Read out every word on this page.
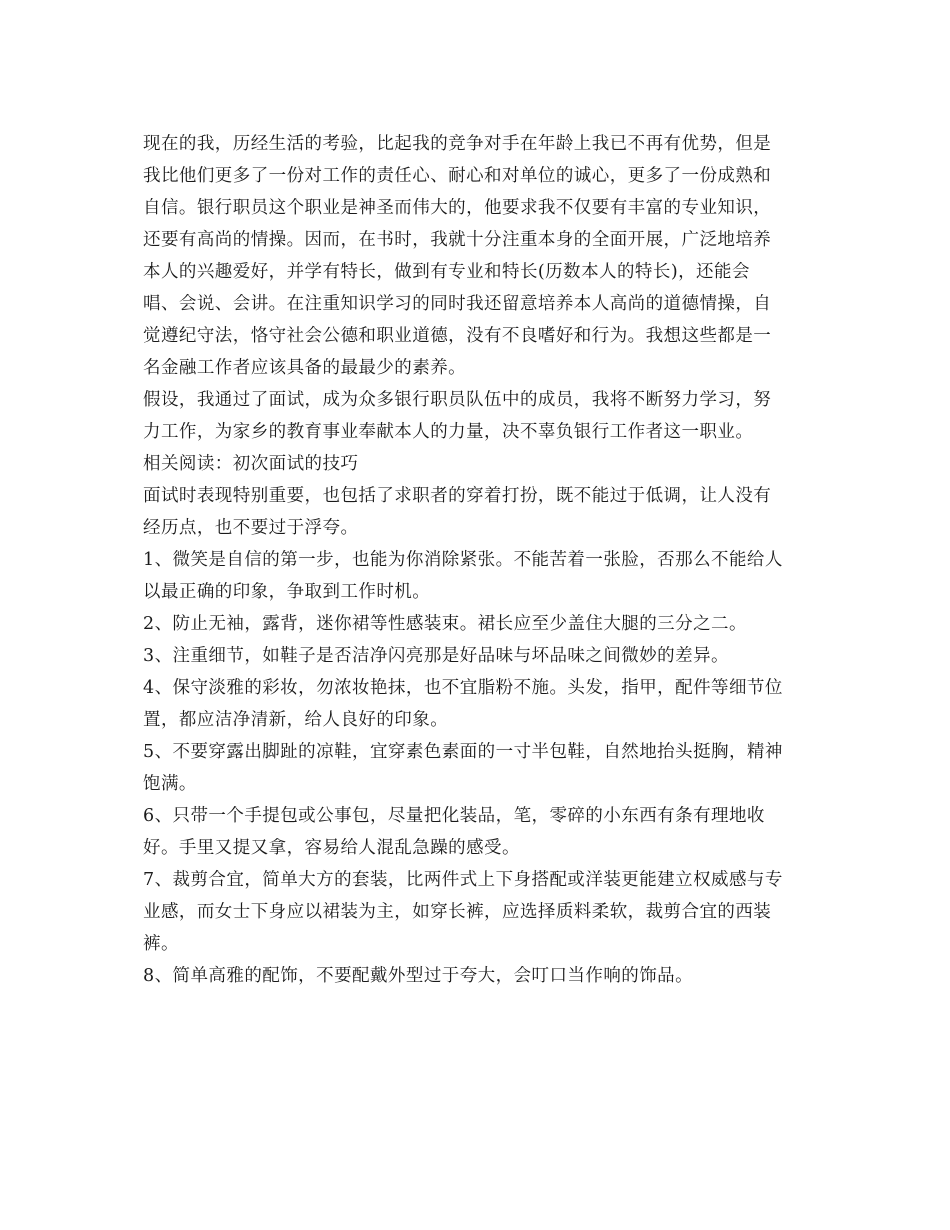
现在的我，历经生活的考验，比起我的竞争对手在年龄上我已不再有优势，但是
我比他们更多了一份对工作的责任心、耐心和对单位的诚心，更多了一份成熟和
自信。银行职员这个职业是神圣而伟大的，他要求我不仅要有丰富的专业知识，
还要有高尚的情操。因而，在书时，我就十分注重本身的全面开展，广泛地培养
本人的兴趣爱好，并学有特长，做到有专业和特长(历数本人的特长)，还能会
唱、会说、会讲。在注重知识学习的同时我还留意培养本人高尚的道德情操，自
觉遵纪守法，恪守社会公德和职业道德，没有不良嗜好和行为。我想这些都是一
名金融工作者应该具备的最最少的素养。
假设，我通过了面试，成为众多银行职员队伍中的成员，我将不断努力学习，努
力工作，为家乡的教育事业奉献本人的力量，决不辜负银行工作者这一职业。
相关阅读：初次面试的技巧
面试时表现特别重要，也包括了求职者的穿着打扮，既不能过于低调，让人没有
经历点，也不要过于浮夸。
1、微笑是自信的第一步，也能为你消除紧张。不能苦着一张脸，否那么不能给人
以最正确的印象，争取到工作时机。
2、防止无袖，露背，迷你裙等性感装束。裙长应至少盖住大腿的三分之二。
3、注重细节，如鞋子是否洁净闪亮那是好品味与坏品味之间微妙的差异。
4、保守淡雅的彩妆，勿浓妆艳抹，也不宜脂粉不施。头发，指甲，配件等细节位
置，都应洁净清新，给人良好的印象。
5、不要穿露出脚趾的凉鞋，宜穿素色素面的一寸半包鞋，自然地抬头挺胸，精神
饱满。
6、只带一个手提包或公事包，尽量把化装品，笔，零碎的小东西有条有理地收
好。手里又提又拿，容易给人混乱急躁的感受。
7、裁剪合宜，简单大方的套装，比两件式上下身搭配或洋装更能建立权威感与专
业感，而女士下身应以裙装为主，如穿长裤，应选择质料柔软，裁剪合宜的西装
裤。
8、简单高雅的配饰，不要配戴外型过于夸大，会叮口当作响的饰品。
